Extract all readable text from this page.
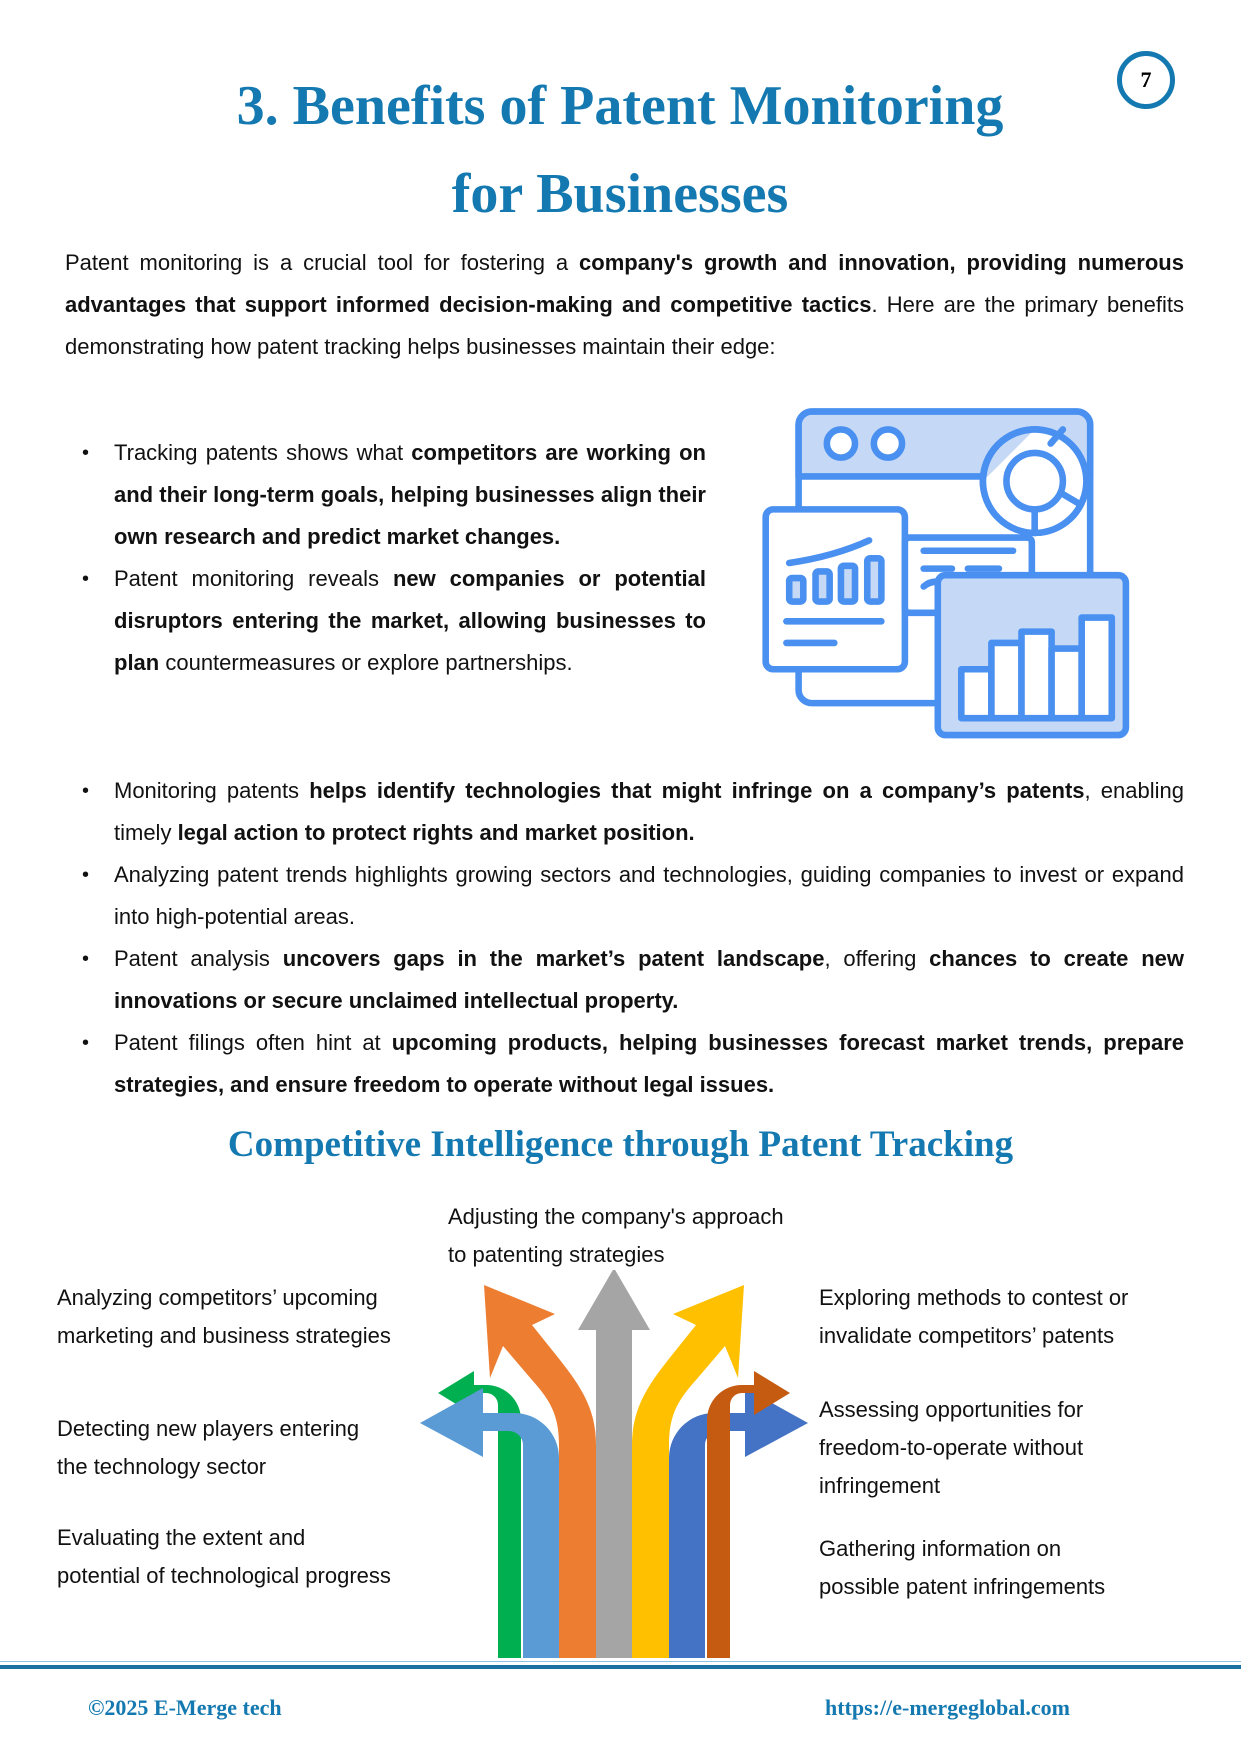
7
3. Benefits of Patent Monitoring
for Businesses

Patent monitoring is a crucial tool for fostering a company's growth and innovation, providing numerous advantages that support informed decision-making and competitive tactics. Here are the primary benefits demonstrating how patent tracking helps businesses maintain their edge:

• Tracking patents shows what competitors are working on and their long-term goals, helping businesses align their own research and predict market changes.
• Patent monitoring reveals new companies or potential disruptors entering the market, allowing businesses to plan countermeasures or explore partnerships.
• Monitoring patents helps identify technologies that might infringe on a company’s patents, enabling timely legal action to protect rights and market position.
• Analyzing patent trends highlights growing sectors and technologies, guiding companies to invest or expand into high-potential areas.
• Patent analysis uncovers gaps in the market’s patent landscape, offering chances to create new innovations or secure unclaimed intellectual property.
• Patent filings often hint at upcoming products, helping businesses forecast market trends, prepare strategies, and ensure freedom to operate without legal issues.
Competitive Intelligence through Patent Tracking
Adjusting the company's approach
to patenting strategies
Analyzing competitors’ upcoming
marketing and business strategies
Detecting new players entering
the technology sector
Evaluating the extent and
potential of technological progress
Exploring methods to contest or
invalidate competitors’ patents
Assessing opportunities for
freedom-to-operate without
infringement
Gathering information on
possible patent infringements
©2025 E-Merge tech	https://e-mergeglobal.com
